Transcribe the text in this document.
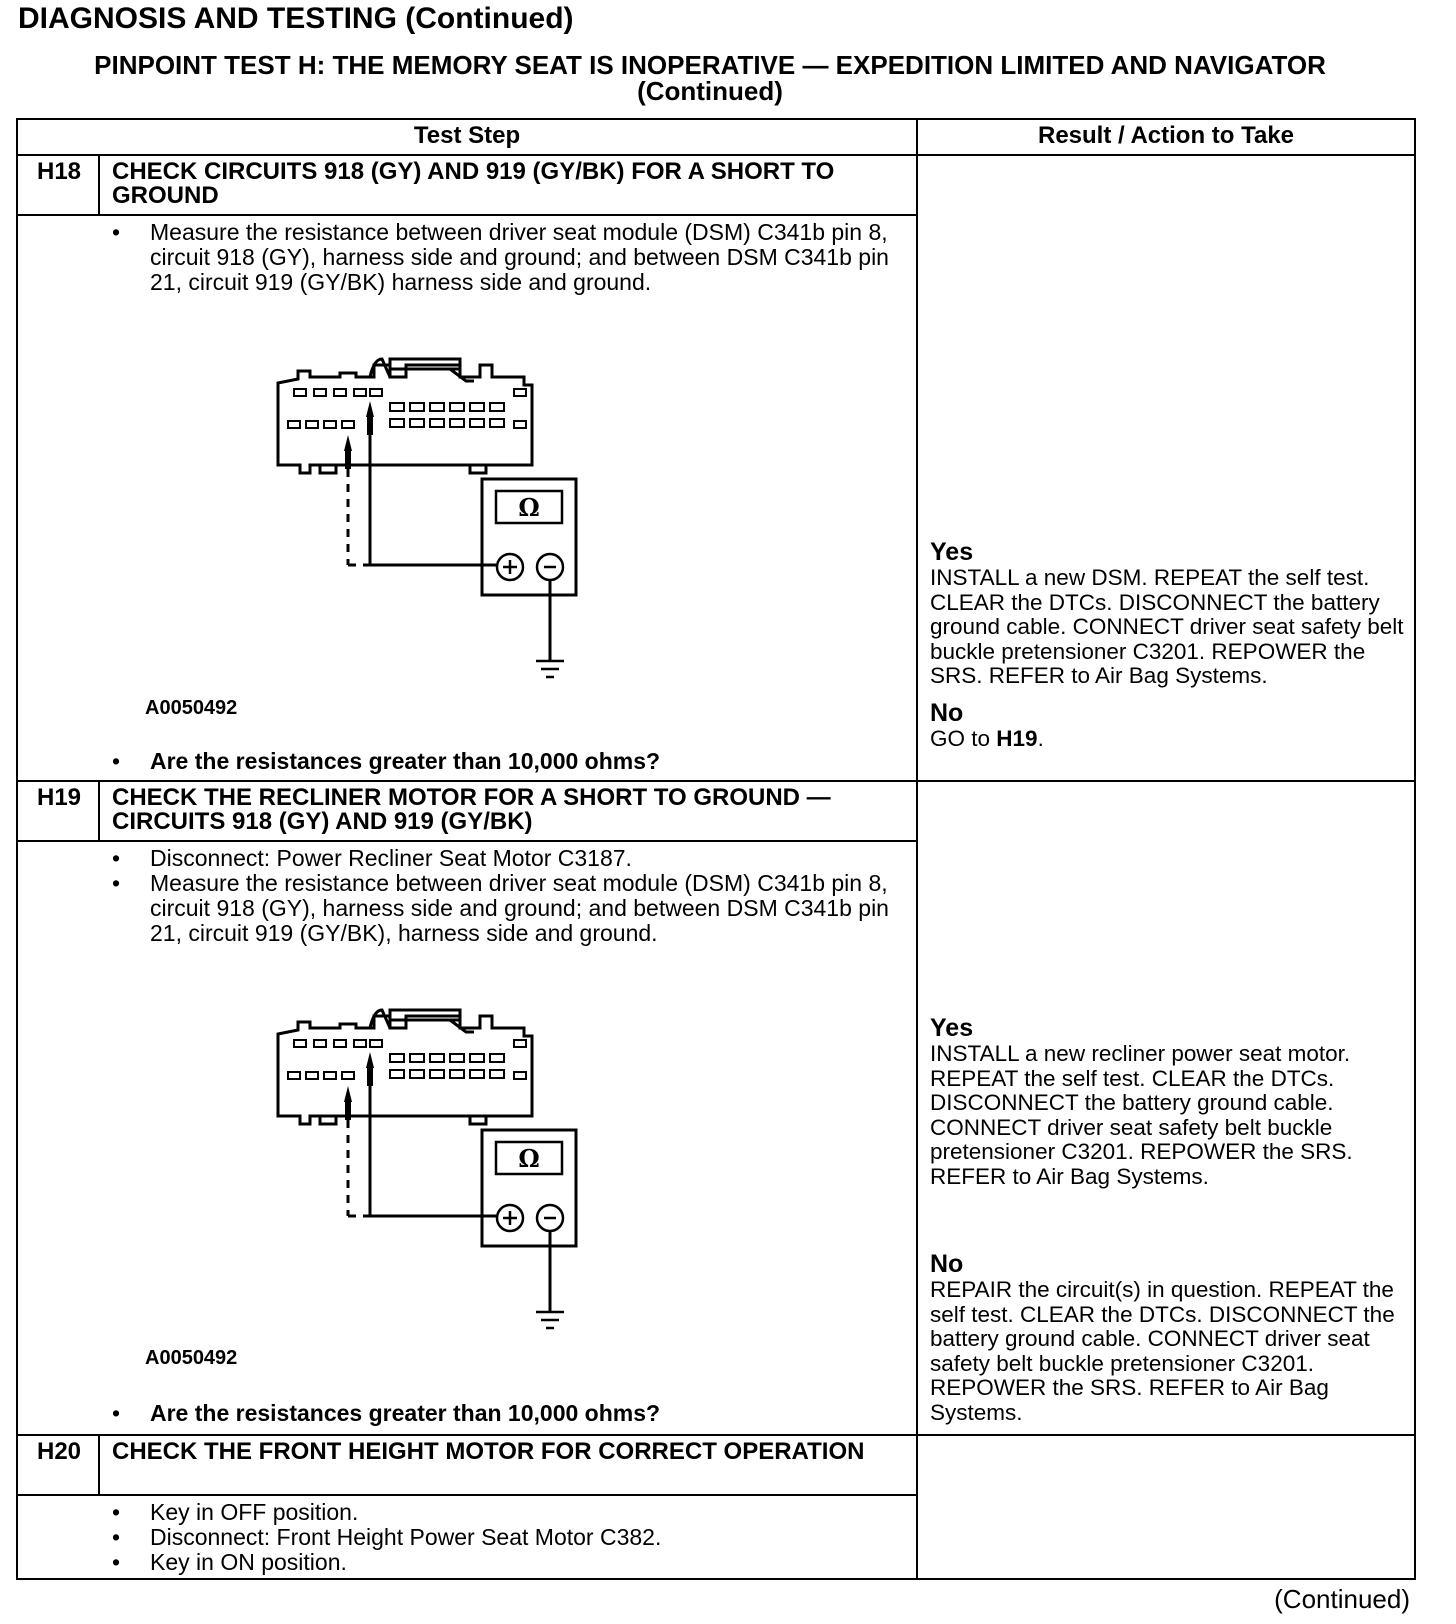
DIAGNOSIS AND TESTING (Continued)
PINPOINT TEST H: THE MEMORY SEAT IS INOPERATIVE — EXPEDITION LIMITED AND NAVIGATOR
(Continued)
Test Step	Result / Action to Take
H18	CHECK CIRCUITS 918 (GY) AND 919 (GY/BK) FOR A SHORT TO GROUND
• Measure the resistance between driver seat module (DSM) C341b pin 8, circuit 918 (GY), harness side and ground; and between DSM C341b pin 21, circuit 919 (GY/BK) harness side and ground.
Ω
A0050492
• Are the resistances greater than 10,000 ohms?
Yes
INSTALL a new DSM. REPEAT the self test. CLEAR the DTCs. DISCONNECT the battery ground cable. CONNECT driver seat safety belt buckle pretensioner C3201. REPOWER the SRS. REFER to Air Bag Systems.
No
GO to H19.
H19	CHECK THE RECLINER MOTOR FOR A SHORT TO GROUND — CIRCUITS 918 (GY) AND 919 (GY/BK)
• Disconnect: Power Recliner Seat Motor C3187.
• Measure the resistance between driver seat module (DSM) C341b pin 8, circuit 918 (GY), harness side and ground; and between DSM C341b pin 21, circuit 919 (GY/BK), harness side and ground.
Ω
A0050492
• Are the resistances greater than 10,000 ohms?
Yes
INSTALL a new recliner power seat motor. REPEAT the self test. CLEAR the DTCs. DISCONNECT the battery ground cable. CONNECT driver seat safety belt buckle pretensioner C3201. REPOWER the SRS. REFER to Air Bag Systems.
No
REPAIR the circuit(s) in question. REPEAT the self test. CLEAR the DTCs. DISCONNECT the battery ground cable. CONNECT driver seat safety belt buckle pretensioner C3201. REPOWER the SRS. REFER to Air Bag Systems.
H20	CHECK THE FRONT HEIGHT MOTOR FOR CORRECT OPERATION
• Key in OFF position.
• Disconnect: Front Height Power Seat Motor C382.
• Key in ON position.
(Continued)
